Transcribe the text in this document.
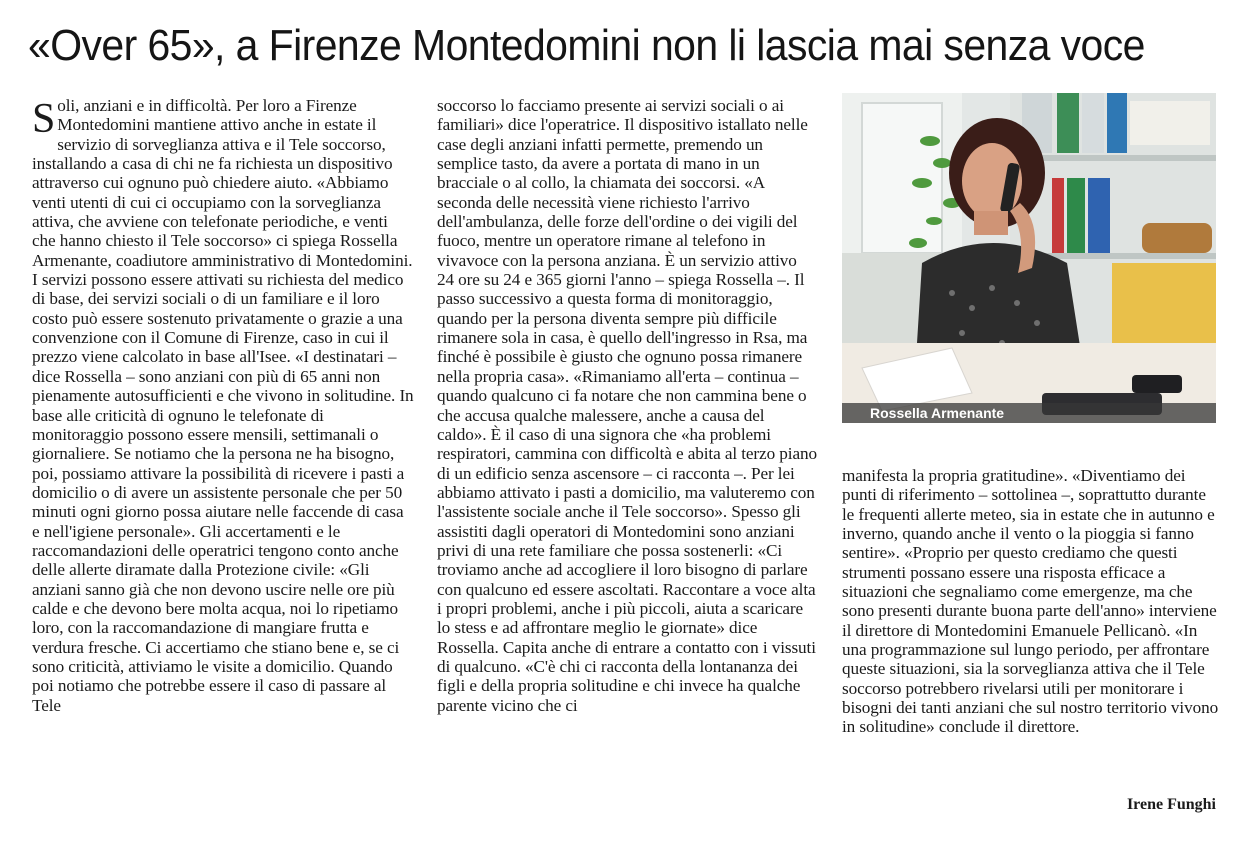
«Over 65», a Firenze Montedomini non li lascia mai senza voce
Soli, anziani e in difficoltà. Per loro a Firenze Montedomini mantiene attivo anche in estate il servizio di sorveglianza attiva e il Tele soccorso, installando a casa di chi ne fa richiesta un dispositivo attraverso cui ognuno può chiedere aiuto. «Abbiamo venti utenti di cui ci occupiamo con la sorveglianza attiva, che avviene con telefonate periodiche, e venti che hanno chiesto il Tele soccorso» ci spiega Rossella Armenante, coadiutore amministrativo di Montedomini. I servizi possono essere attivati su richiesta del medico di base, dei servizi sociali o di un familiare e il loro costo può essere sostenuto privatamente o grazie a una convenzione con il Comune di Firenze, caso in cui il prezzo viene calcolato in base all'Isee. «I destinatari – dice Rossella – sono anziani con più di 65 anni non pienamente autosufficienti e che vivono in solitudine. In base alle criticità di ognuno le telefonate di monitoraggio possono essere mensili, settimanali o giornaliere. Se notiamo che la persona ne ha bisogno, poi, possiamo attivare la possibilità di ricevere i pasti a domicilio o di avere un assistente personale che per 50 minuti ogni giorno possa aiutare nelle faccende di casa e nell'igiene personale». Gli accertamenti e le raccomandazioni delle operatrici tengono conto anche delle allerte diramate dalla Protezione civile: «Gli anziani sanno già che non devono uscire nelle ore più calde e che devono bere molta acqua, noi lo ripetiamo loro, con la raccomandazione di mangiare frutta e verdura fresche. Ci accertiamo che stiano bene e, se ci sono criticità, attiviamo le visite a domicilio. Quando poi notiamo che potrebbe essere il caso di passare al Tele
soccorso lo facciamo presente ai servizi sociali o ai familiari» dice l'operatrice. Il dispositivo istallato nelle case degli anziani infatti permette, premendo un semplice tasto, da avere a portata di mano in un bracciale o al collo, la chiamata dei soccorsi. «A seconda delle necessità viene richiesto l'arrivo dell'ambulanza, delle forze dell'ordine o dei vigili del fuoco, mentre un operatore rimane al telefono in vivavoce con la persona anziana. È un servizio attivo 24 ore su 24 e 365 giorni l'anno – spiega Rossella –. Il passo successivo a questa forma di monitoraggio, quando per la persona diventa sempre più difficile rimanere sola in casa, è quello dell'ingresso in Rsa, ma finché è possibile è giusto che ognuno possa rimanere nella propria casa». «Rimaniamo all'erta – continua – quando qualcuno ci fa notare che non cammina bene o che accusa qualche malessere, anche a causa del caldo». È il caso di una signora che «ha problemi respiratori, cammina con difficoltà e abita al terzo piano di un edificio senza ascensore – ci racconta –. Per lei abbiamo attivato i pasti a domicilio, ma valuteremo con l'assistente sociale anche il Tele soccorso». Spesso gli assistiti dagli operatori di Montedomini sono anziani privi di una rete familiare che possa sostenerli: «Ci troviamo anche ad accogliere il loro bisogno di parlare con qualcuno ed essere ascoltati. Raccontare a voce alta i propri problemi, anche i più piccoli, aiuta a scaricare lo stess e ad affrontare meglio le giornate» dice Rossella. Capita anche di entrare a contatto con i vissuti di qualcuno. «C'è chi ci racconta della lontananza dei figli e della propria solitudine e chi invece ha qualche parente vicino che ci
Rossella Armenante
manifesta la propria gratitudine». «Diventiamo dei punti di riferimento – sottolinea –, soprattutto durante le frequenti allerte meteo, sia in estate che in autunno e inverno, quando anche il vento o la pioggia si fanno sentire». «Proprio per questo crediamo che questi strumenti possano essere una risposta efficace a situazioni che segnaliamo come emergenze, ma che sono presenti durante buona parte dell'anno» interviene il direttore di Montedomini Emanuele Pellicanò. «In una programmazione sul lungo periodo, per affrontare queste situazioni, sia la sorveglianza attiva che il Tele soccorso potrebbero rivelarsi utili per monitorare i bisogni dei tanti anziani che sul nostro territorio vivono in solitudine» conclude il direttore.

Irene Funghi
